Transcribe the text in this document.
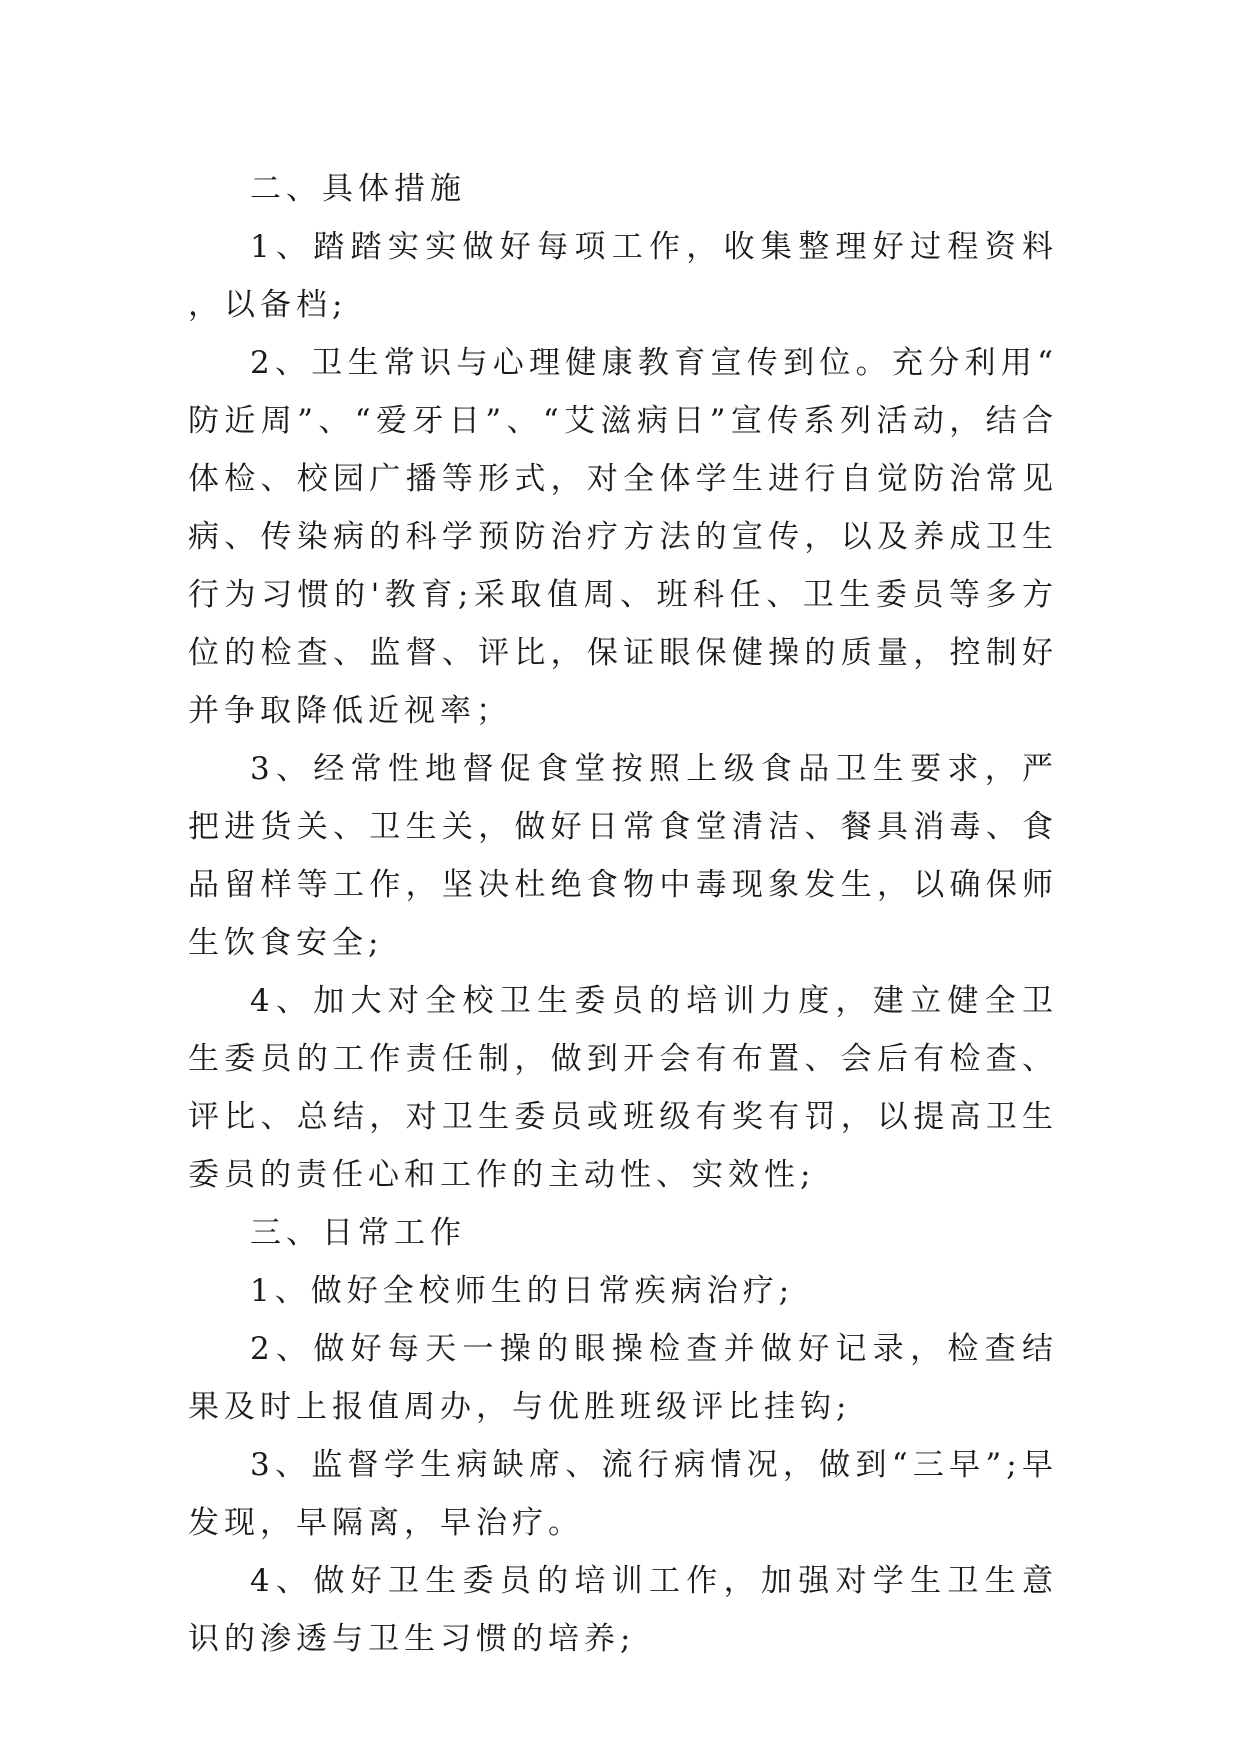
二、具体措施

1、踏踏实实做好每项工作，收集整理好过程资料，以备档;

2、卫生常识与心理健康教育宣传到位。充分利用“防近周”、“爱牙日”、“艾滋病日”宣传系列活动，结合体检、校园广播等形式，对全体学生进行自觉防治常见病、传染病的科学预防治疗方法的宣传，以及养成卫生行为习惯的'教育;采取值周、班科任、卫生委员等多方位的检查、监督、评比，保证眼保健操的质量，控制好并争取降低近视率；

3、经常性地督促食堂按照上级食品卫生要求，严把进货关、卫生关，做好日常食堂清洁、餐具消毒、食品留样等工作，坚决杜绝食物中毒现象发生，以确保师生饮食安全;

4、加大对全校卫生委员的培训力度，建立健全卫生委员的工作责任制，做到开会有布置、会后有检查、评比、总结，对卫生委员或班级有奖有罚，以提高卫生委员的责任心和工作的主动性、实效性;

三、日常工作

1、做好全校师生的日常疾病治疗;

2、做好每天一操的眼操检查并做好记录，检查结果及时上报值周办，与优胜班级评比挂钩;

3、监督学生病缺席、流行病情况，做到“三早”;早发现，早隔离，早治疗。

4、做好卫生委员的培训工作，加强对学生卫生意识的渗透与卫生习惯的培养;
